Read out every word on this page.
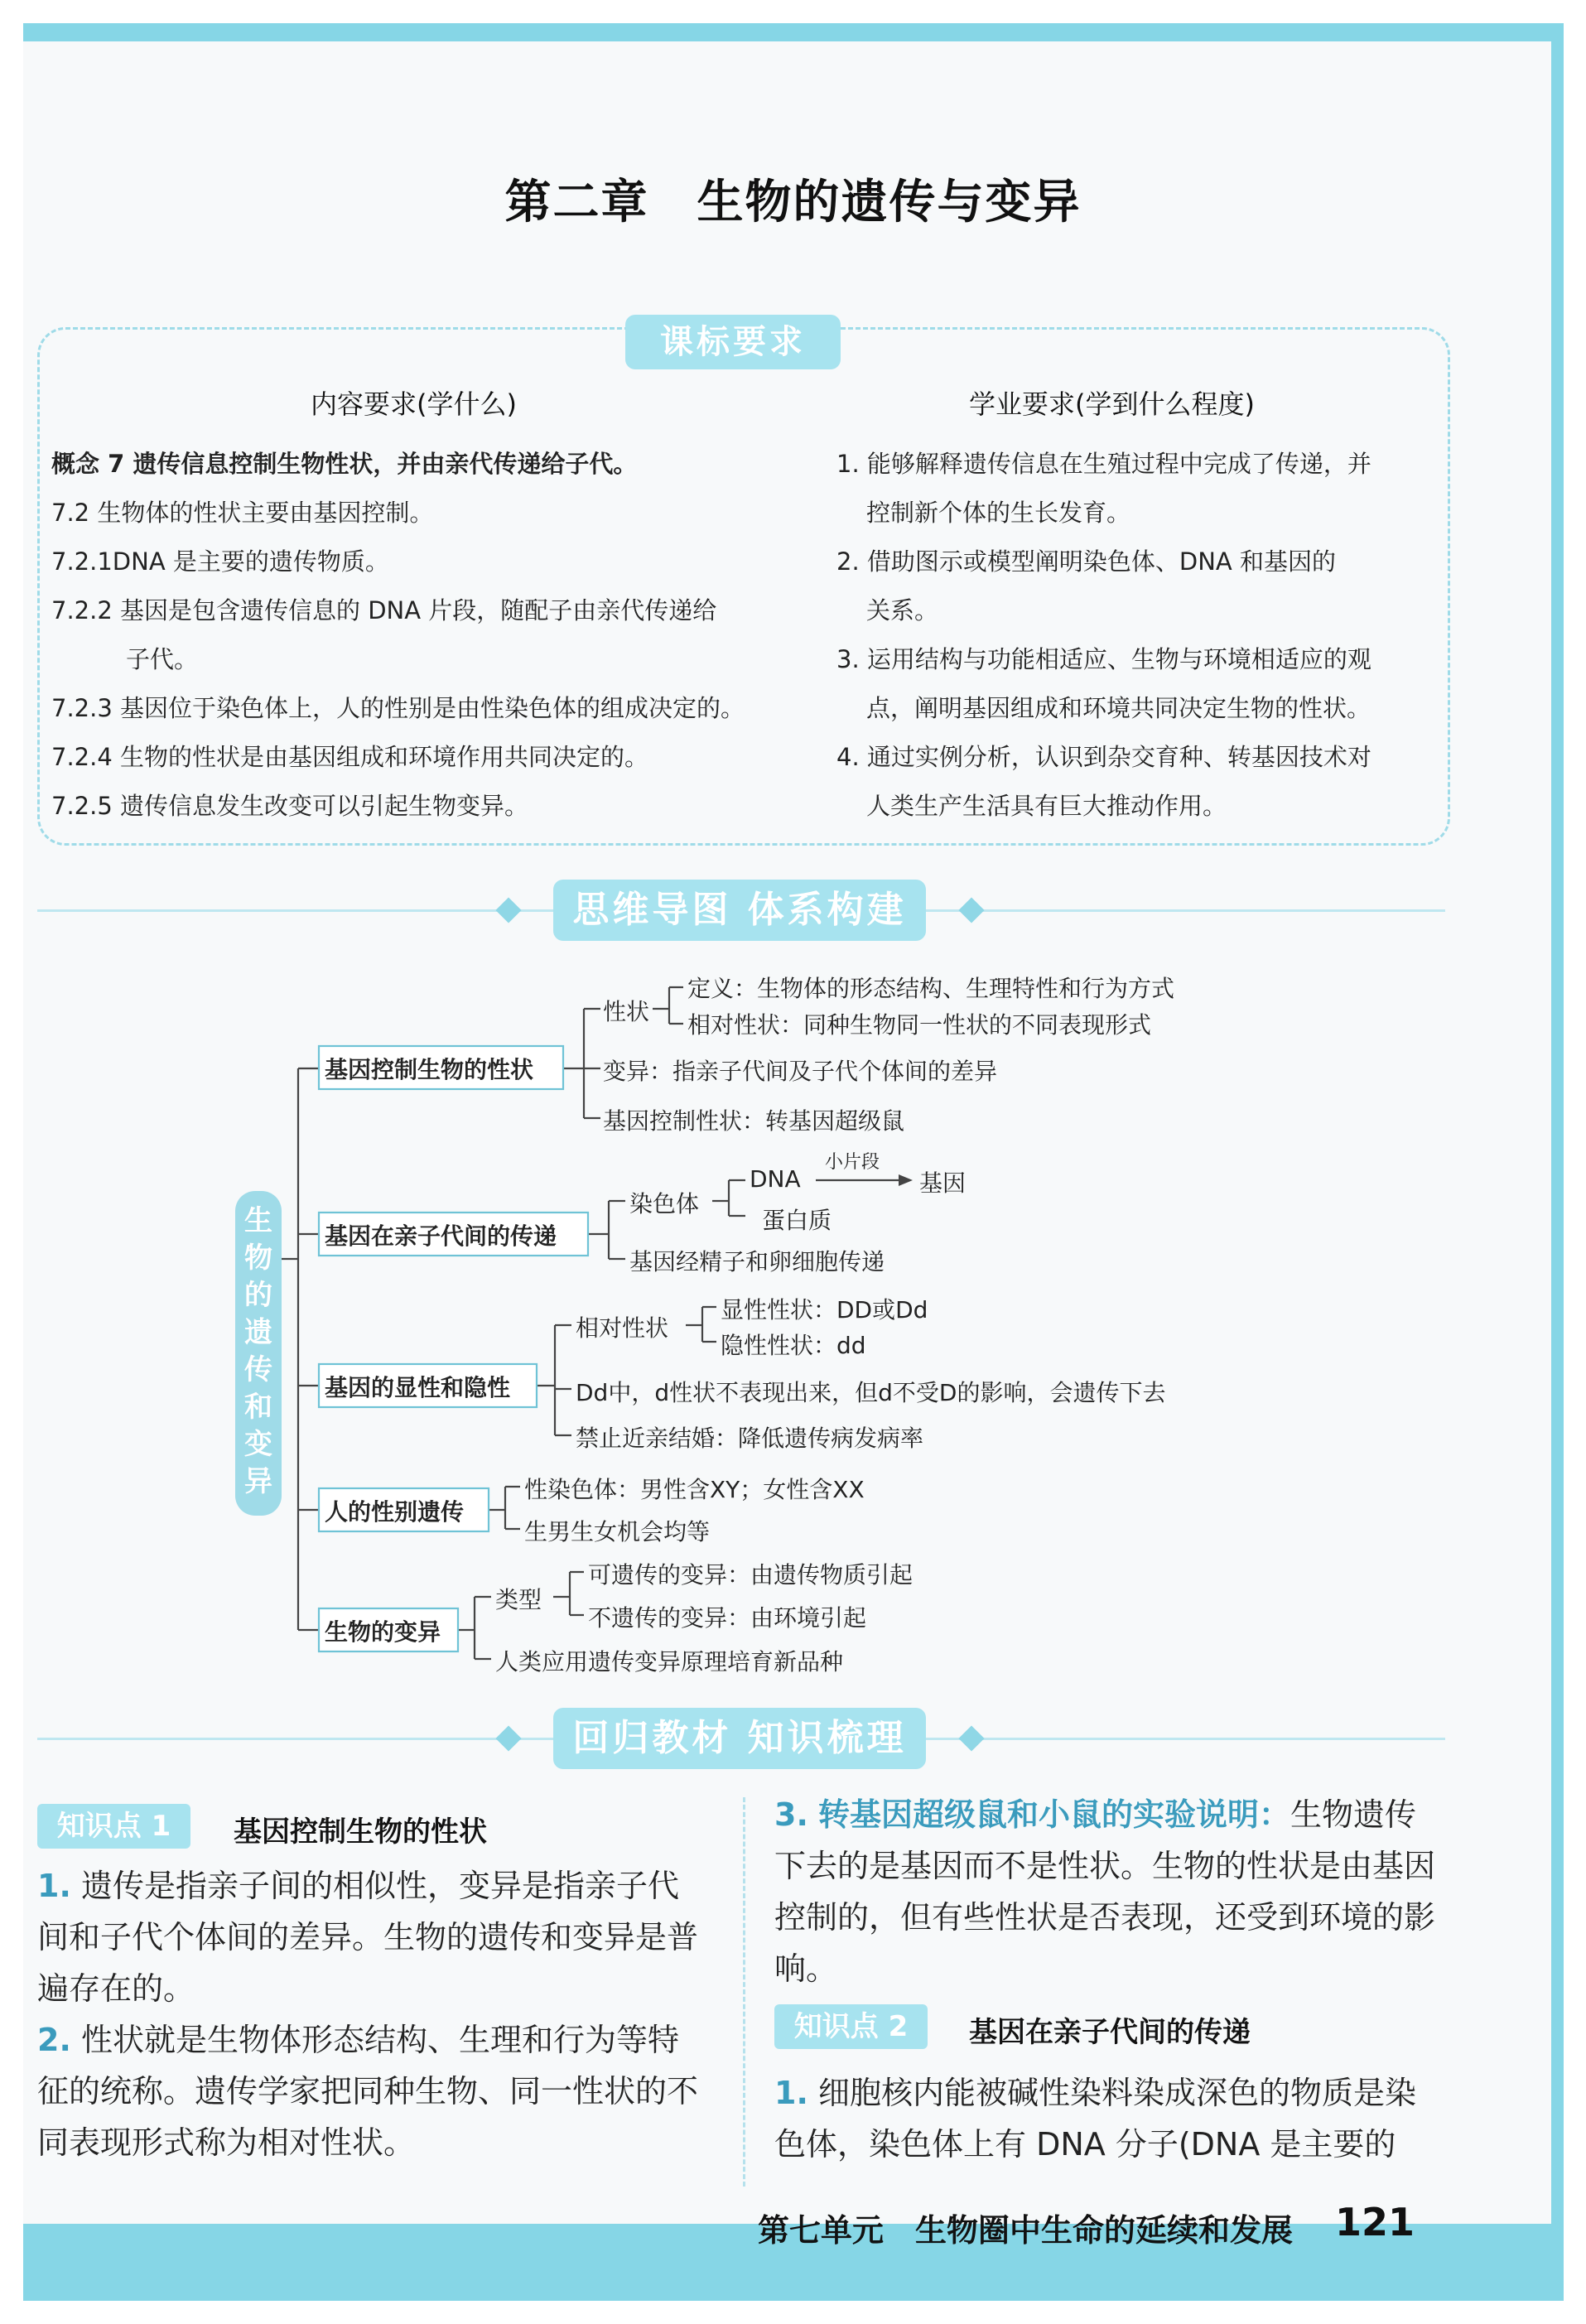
第二章　生物的遗传与变异
课标要求
内容要求(学什么)	学业要求(学到什么程度)
概念 7 遗传信息控制生物性状，并由亲代传递给子代。
7.2 生物体的性状主要由基因控制。
7.2.1DNA 是主要的遗传物质。
7.2.2 基因是包含遗传信息的 DNA 片段，随配子由亲代传递给
子代。
7.2.3 基因位于染色体上，人的性别是由性染色体的组成决定的。
7.2.4 生物的性状是由基因组成和环境作用共同决定的。
7.2.5 遗传信息发生改变可以引起生物变异。
1. 能够解释遗传信息在生殖过程中完成了传递，并
控制新个体的生长发育。
2. 借助图示或模型阐明染色体、DNA 和基因的
关系。
3. 运用结构与功能相适应、生物与环境相适应的观
点，阐明基因组成和环境共同决定生物的性状。
4. 通过实例分析，认识到杂交育种、转基因技术对
人类生产生活具有巨大推动作用。
思维导图 体系构建
生物的遗传和变异
基因控制生物的性状
性状
定义：生物体的形态结构、生理特性和行为方式
相对性状：同种生物同一性状的不同表现形式
变异：指亲子代间及子代个体间的差异
基因控制性状：转基因超级鼠
基因在亲子代间的传递
染色体
DNA
小片段
基因
蛋白质
基因经精子和卵细胞传递
基因的显性和隐性
相对性状
显性性状：DD或Dd
隐性性状：dd
Dd中，d性状不表现出来，但d不受D的影响，会遗传下去
禁止近亲结婚：降低遗传病发病率
人的性别遗传
性染色体：男性含XY；女性含XX
生男生女机会均等
生物的变异
类型
可遗传的变异：由遗传物质引起
不遗传的变异：由环境引起
人类应用遗传变异原理培育新品种
回归教材 知识梳理
知识点 1	基因控制生物的性状
1. 遗传是指亲子间的相似性，变异是指亲子代间和子代个体间的差异。生物的遗传和变异是普遍存在的。
2. 性状就是生物体形态结构、生理和行为等特征的统称。遗传学家把同种生物、同一性状的不同表现形式称为相对性状。
3. 转基因超级鼠和小鼠的实验说明：生物遗传下去的是基因而不是性状。生物的性状是由基因控制的，但有些性状是否表现，还受到环境的影响。
知识点 2	基因在亲子代间的传递
1. 细胞核内能被碱性染料染成深色的物质是染色体，染色体上有 DNA 分子(DNA 是主要的
第七单元　生物圈中生命的延续和发展 121
